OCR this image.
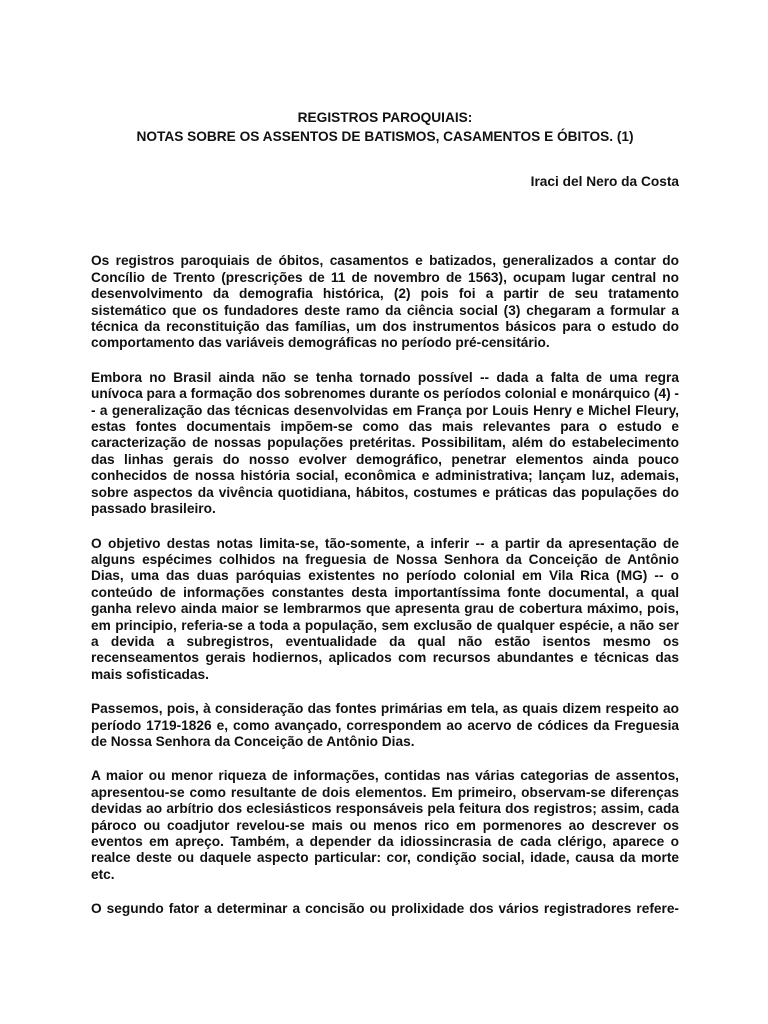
REGISTROS PAROQUIAIS:
NOTAS SOBRE OS ASSENTOS DE BATISMOS, CASAMENTOS E ÓBITOS. (1)

Iraci del Nero da Costa

Os registros paroquiais de óbitos, casamentos e batizados, generalizados a contar do Concílio de Trento (prescrições de 11 de novembro de 1563), ocupam lugar central no desenvolvimento da demografia histórica, (2) pois foi a partir de seu tratamento sistemático que os fundadores deste ramo da ciência social (3) chegaram a formular a técnica da reconstituição das famílias, um dos instrumentos básicos para o estudo do comportamento das variáveis demográficas no período pré-censitário.

Embora no Brasil ainda não se tenha tornado possível -- dada a falta de uma regra unívoca para a formação dos sobrenomes durante os períodos colonial e monárquico (4) -- a generalização das técnicas desenvolvidas em França por Louis Henry e Michel Fleury, estas fontes documentais impõem-se como das mais relevantes para o estudo e caracterização de nossas populações pretéritas. Possibilitam, além do estabelecimento das linhas gerais do nosso evolver demográfico, penetrar elementos ainda pouco conhecidos de nossa história social, econômica e administrativa; lançam luz, ademais, sobre aspectos da vivência quotidiana, hábitos, costumes e práticas das populações do passado brasileiro.

O objetivo destas notas limita-se, tão-somente, a inferir -- a partir da apresentação de alguns espécimes colhidos na freguesia de Nossa Senhora da Conceição de Antônio Dias, uma das duas paróquias existentes no período colonial em Vila Rica (MG) -- o conteúdo de informações constantes desta importantíssima fonte documental, a qual ganha relevo ainda maior se lembrarmos que apresenta grau de cobertura máximo, pois, em principio, referia-se a toda a população, sem exclusão de qualquer espécie, a não ser a devida a subregistros, eventualidade da qual não estão isentos mesmo os recenseamentos gerais hodiernos, aplicados com recursos abundantes e técnicas das mais sofisticadas.

Passemos, pois, à consideração das fontes primárias em tela, as quais dizem respeito ao período 1719-1826 e, como avançado, correspondem ao acervo de códices da Freguesia de Nossa Senhora da Conceição de Antônio Dias.

A maior ou menor riqueza de informações, contidas nas várias categorias de assentos, apresentou-se como resultante de dois elementos. Em primeiro, observam-se diferenças devidas ao arbítrio dos eclesiásticos responsáveis pela feitura dos registros; assim, cada pároco ou coadjutor revelou-se mais ou menos rico em pormenores ao descrever os eventos em apreço. Também, a depender da idiossincrasia de cada clérigo, aparece o realce deste ou daquele aspecto particular: cor, condição social, idade, causa da morte etc.

O segundo fator a determinar a concisão ou prolixidade dos vários registradores refere-
